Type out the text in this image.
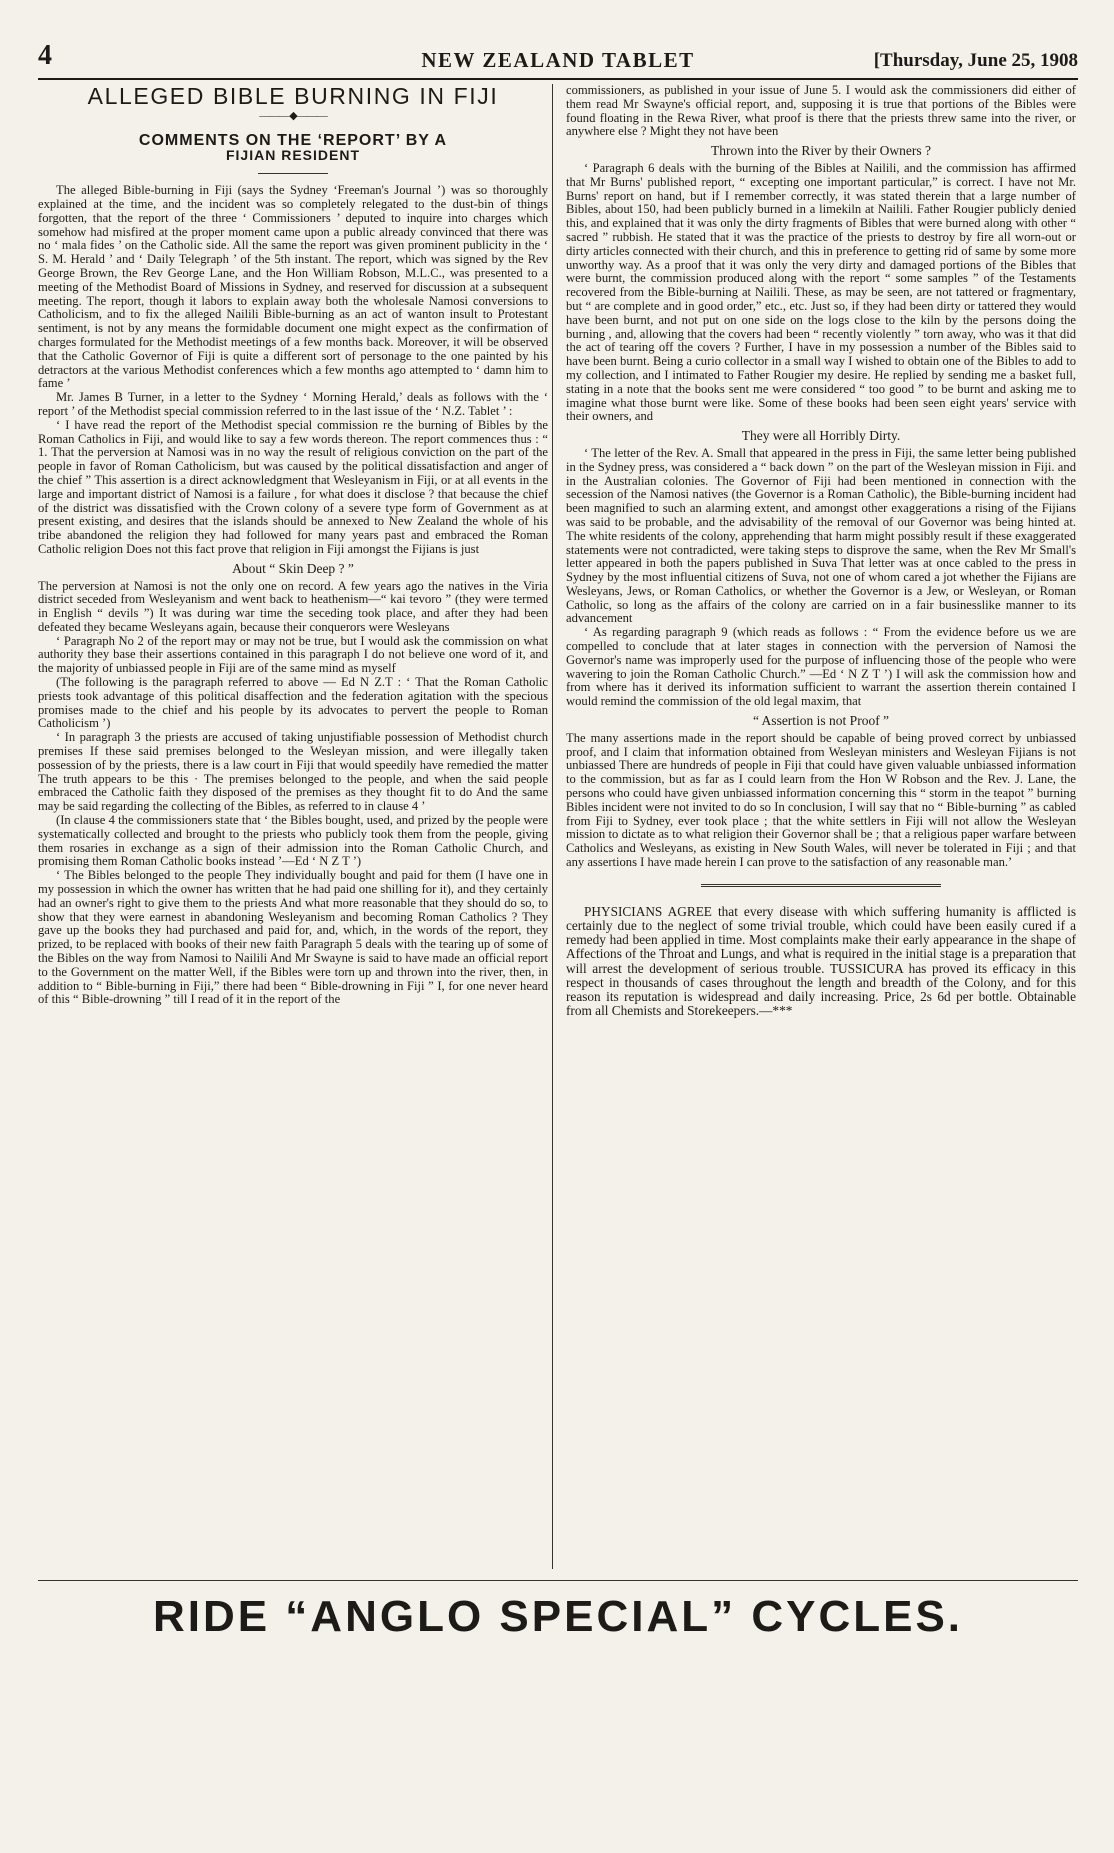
4	NEW ZEALAND TABLET	[Thursday, June 25, 1908
ALLEGED BIBLE BURNING IN FIJI
———◆———
COMMENTS ON THE ‘REPORT’ BY A
FIJIAN RESIDENT

The alleged Bible-burning in Fiji (says the Sydney ‘Freeman's Journal ’) was so thoroughly explained at the time, and the incident was so completely relegated to the dust-bin of things forgotten, that the report of the three ‘ Commissioners ’ deputed to inquire into charges which somehow had misfired at the proper moment came upon a public already convinced that there was no ‘ mala fides ’ on the Catholic side. All the same the report was given prominent publicity in the ‘ S. M. Herald ’ and ‘ Daily Telegraph ’ of the 5th instant. The report, which was signed by the Rev George Brown, the Rev George Lane, and the Hon William Robson, M.L.C., was presented to a meeting of the Methodist Board of Missions in Sydney, and reserved for discussion at a subsequent meeting. The report, though it labors to explain away both the wholesale Namosi conversions to Catholicism, and to fix the alleged Nailili Bible-burning as an act of wanton insult to Protestant sentiment, is not by any means the formidable document one might expect as the confirmation of charges formulated for the Methodist meetings of a few months back. Moreover, it will be observed that the Catholic Governor of Fiji is quite a different sort of personage to the one painted by his detractors at the various Methodist conferences which a few months ago attempted to ‘ damn him to fame ’

Mr. James B Turner, in a letter to the Sydney ‘ Morning Herald,’ deals as follows with the ‘ report ’ of the Methodist special commission referred to in the last issue of the ‘ N.Z. Tablet ’ :

‘ I have read the report of the Methodist special commission re the burning of Bibles by the Roman Catholics in Fiji, and would like to say a few words thereon. The report commences thus : “ 1. That the perversion at Namosi was in no way the result of religious conviction on the part of the people in favor of Roman Catholicism, but was caused by the political dissatisfaction and anger of the chief ” This assertion is a direct acknowledgment that Wesleyanism in Fiji, or at all events in the large and important district of Namosi is a failure , for what does it disclose ? that because the chief of the district was dissatisfied with the Crown colony of a severe type form of Government as at present existing, and desires that the islands should be annexed to New Zealand the whole of his tribe abandoned the religion they had followed for many years past and embraced the Roman Catholic religion Does not this fact prove that religion in Fiji amongst the Fijians is just

About “ Skin Deep ? ”

The perversion at Namosi is not the only one on record. A few years ago the natives in the Viria district seceded from Wesleyanism and went back to heathenism—“ kai tevoro ” (they were termed in English “ devils ”) It was during war time the seceding took place, and after they had been defeated they became Wesleyans again, because their conquerors were Wesleyans

‘ Paragraph No 2 of the report may or may not be true, but I would ask the commission on what authority they base their assertions contained in this paragraph I do not believe one word of it, and the majority of unbiassed people in Fiji are of the same mind as myself

(The following is the paragraph referred to above — Ed N Z.T : ‘ That the Roman Catholic priests took advantage of this political disaffection and the federation agitation with the specious promises made to the chief and his people by its advocates to pervert the people to Roman Catholicism ’)

‘ In paragraph 3 the priests are accused of taking unjustifiable possession of Methodist church premises If these said premises belonged to the Wesleyan mission, and were illegally taken possession of by the priests, there is a law court in Fiji that would speedily have remedied the matter The truth appears to be this · The premises belonged to the people, and when the said people embraced the Catholic faith they disposed of the premises as they thought fit to do And the same may be said regarding the collecting of the Bibles, as referred to in clause 4 ’

(In clause 4 the commissioners state that ‘ the Bibles bought, used, and prized by the people were systematically collected and brought to the priests who publicly took them from the people, giving them rosaries in exchange as a sign of their admission into the Roman Catholic Church, and promising them Roman Catholic books instead ’—Ed ‘ N Z T ’)

‘ The Bibles belonged to the people They individually bought and paid for them (I have one in my possession in which the owner has written that he had paid one shilling for it), and they certainly had an owner's right to give them to the priests And what more reasonable that they should do so, to show that they were earnest in abandoning Wesleyanism and becoming Roman Catholics ? They gave up the books they had purchased and paid for, and, which, in the words of the report, they prized, to be replaced with books of their new faith Paragraph 5 deals with the tearing up of some of the Bibles on the way from Namosi to Nailili And Mr Swayne is said to have made an official report to the Government on the matter Well, if the Bibles were torn up and thrown into the river, then, in addition to “ Bible-burning in Fiji,” there had been “ Bible-drowning in Fiji ” I, for one never heard of this “ Bible-drowning ” till I read of it in the report of the

commissioners, as published in your issue of June 5. I would ask the commissioners did either of them read Mr Swayne's official report, and, supposing it is true that portions of the Bibles were found floating in the Rewa River, what proof is there that the priests threw same into the river, or anywhere else ? Might they not have been

Thrown into the River by their Owners ?

‘ Paragraph 6 deals with the burning of the Bibles at Nailili, and the commission has affirmed that Mr Burns' published report, “ excepting one important particular,” is correct. I have not Mr. Burns' report on hand, but if I remember correctly, it was stated therein that a large number of Bibles, about 150, had been publicly burned in a limekiln at Nailili. Father Rougier publicly denied this, and explained that it was only the dirty fragments of Bibles that were burned along with other “ sacred ” rubbish. He stated that it was the practice of the priests to destroy by fire all worn-out or dirty articles connected with their church, and this in preference to getting rid of same by some more unworthy way. As a proof that it was only the very dirty and damaged portions of the Bibles that were burnt, the commission produced along with the report “ some samples ” of the Testaments recovered from the Bible-burning at Nailili. These, as may be seen, are not tattered or fragmentary, but “ are complete and in good order,” etc., etc. Just so, if they had been dirty or tattered they would have been burnt, and not put on one side on the logs close to the kiln by the persons doing the burning , and, allowing that the covers had been “ recently violently ” torn away, who was it that did the act of tearing off the covers ? Further, I have in my possession a number of the Bibles said to have been burnt. Being a curio collector in a small way I wished to obtain one of the Bibles to add to my collection, and I intimated to Father Rougier my desire. He replied by sending me a basket full, stating in a note that the books sent me were considered “ too good ” to be burnt and asking me to imagine what those burnt were like. Some of these books had been seen eight years' service with their owners, and

They were all Horribly Dirty.

‘ The letter of the Rev. A. Small that appeared in the press in Fiji, the same letter being published in the Sydney press, was considered a “ back down ” on the part of the Wesleyan mission in Fiji. and in the Australian colonies. The Governor of Fiji had been mentioned in connection with the secession of the Namosi natives (the Governor is a Roman Catholic), the Bible-burning incident had been magnified to such an alarming extent, and amongst other exaggerations a rising of the Fijians was said to be probable, and the advisability of the removal of our Governor was being hinted at. The white residents of the colony, apprehending that harm might possibly result if these exaggerated statements were not contradicted, were taking steps to disprove the same, when the Rev Mr Small's letter appeared in both the papers published in Suva That letter was at once cabled to the press in Sydney by the most influential citizens of Suva, not one of whom cared a jot whether the Fijians are Wesleyans, Jews, or Roman Catholics, or whether the Governor is a Jew, or Wesleyan, or Roman Catholic, so long as the affairs of the colony are carried on in a fair businesslike manner to its advancement

‘ As regarding paragraph 9 (which reads as follows : “ From the evidence before us we are compelled to conclude that at later stages in connection with the perversion of Namosi the Governor's name was improperly used for the purpose of influencing those of the people who were wavering to join the Roman Catholic Church.” —Ed ‘ N Z T ’) I will ask the commission how and from where has it derived its information sufficient to warrant the assertion therein contained I would remind the commission of the old legal maxim, that

“ Assertion is not Proof ”

The many assertions made in the report should be capable of being proved correct by unbiassed proof, and I claim that information obtained from Wesleyan ministers and Wesleyan Fijians is not unbiassed There are hundreds of people in Fiji that could have given valuable unbiassed information to the commission, but as far as I could learn from the Hon W Robson and the Rev. J. Lane, the persons who could have given unbiassed information concerning this “ storm in the teapot ” burning Bibles incident were not invited to do so In conclusion, I will say that no “ Bible-burning ” as cabled from Fiji to Sydney, ever took place ; that the white settlers in Fiji will not allow the Wesleyan mission to dictate as to what religion their Governor shall be ; that a religious paper warfare between Catholics and Wesleyans, as existing in New South Wales, will never be tolerated in Fiji ; and that any assertions I have made herein I can prove to the satisfaction of any reasonable man.’

PHYSICIANS AGREE that every disease with which suffering humanity is afflicted is certainly due to the neglect of some trivial trouble, which could have been easily cured if a remedy had been applied in time. Most complaints make their early appearance in the shape of Affections of the Throat and Lungs, and what is required in the initial stage is a preparation that will arrest the development of serious trouble. TUSSICURA has proved its efficacy in this respect in thousands of cases throughout the length and breadth of the Colony, and for this reason its reputation is widespread and daily increasing. Price, 2s 6d per bottle. Obtainable from all Chemists and Storekeepers.—***

RIDE “ANGLO SPECIAL” CYCLES.
